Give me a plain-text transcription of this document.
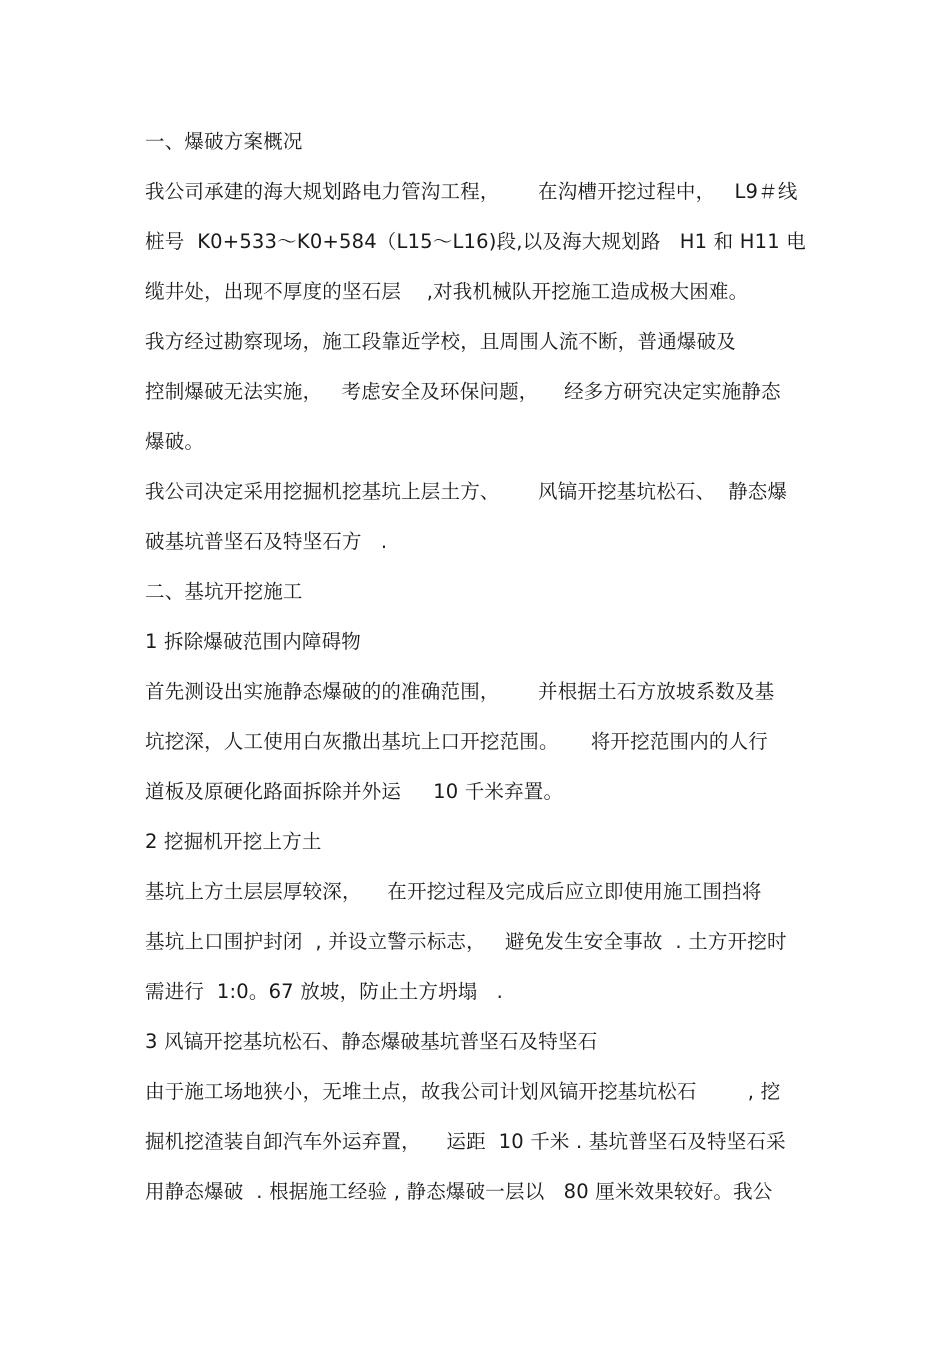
一、爆破方案概况
我公司承建的海大规划路电力管沟工程，      在沟槽开挖过程中，   L9＃线
桩号  K0+533～K0+584（L15～L16)段,以及海大规划路   H1 和 H11 电
缆井处，出现不厚度的坚石层    ,对我机械队开挖施工造成极大困难。
我方经过勘察现场，施工段靠近学校，且周围人流不断，普通爆破及
控制爆破无法实施，   考虑安全及环保问题，    经多方研究决定实施静态
爆破。
我公司决定采用挖掘机挖基坑上层土方、      风镐开挖基坑松石、  静态爆
破基坑普坚石及特坚石方   .
二、基坑开挖施工
1 拆除爆破范围内障碍物
首先测设出实施静态爆破的的准确范围，      并根据土石方放坡系数及基
坑挖深，人工使用白灰撒出基坑上口开挖范围。     将开挖范围内的人行
道板及原硬化路面拆除并外运     10 千米弃置。
2 挖掘机开挖上方土
基坑上方土层层厚较深，    在开挖过程及完成后应立即使用施工围挡将
基坑上口围护封闭  , 并设立警示标志，   避免发生安全事故  . 土方开挖时
需进行  1:0。67 放坡，防止土方坍塌   .
3 风镐开挖基坑松石、静态爆破基坑普坚石及特坚石
由于施工场地狭小，无堆土点，故我公司计划风镐开挖基坑松石        , 挖
掘机挖渣装自卸汽车外运弃置，    运距  10 千米 . 基坑普坚石及特坚石采
用静态爆破  . 根据施工经验 , 静态爆破一层以   80 厘米效果较好。我公
